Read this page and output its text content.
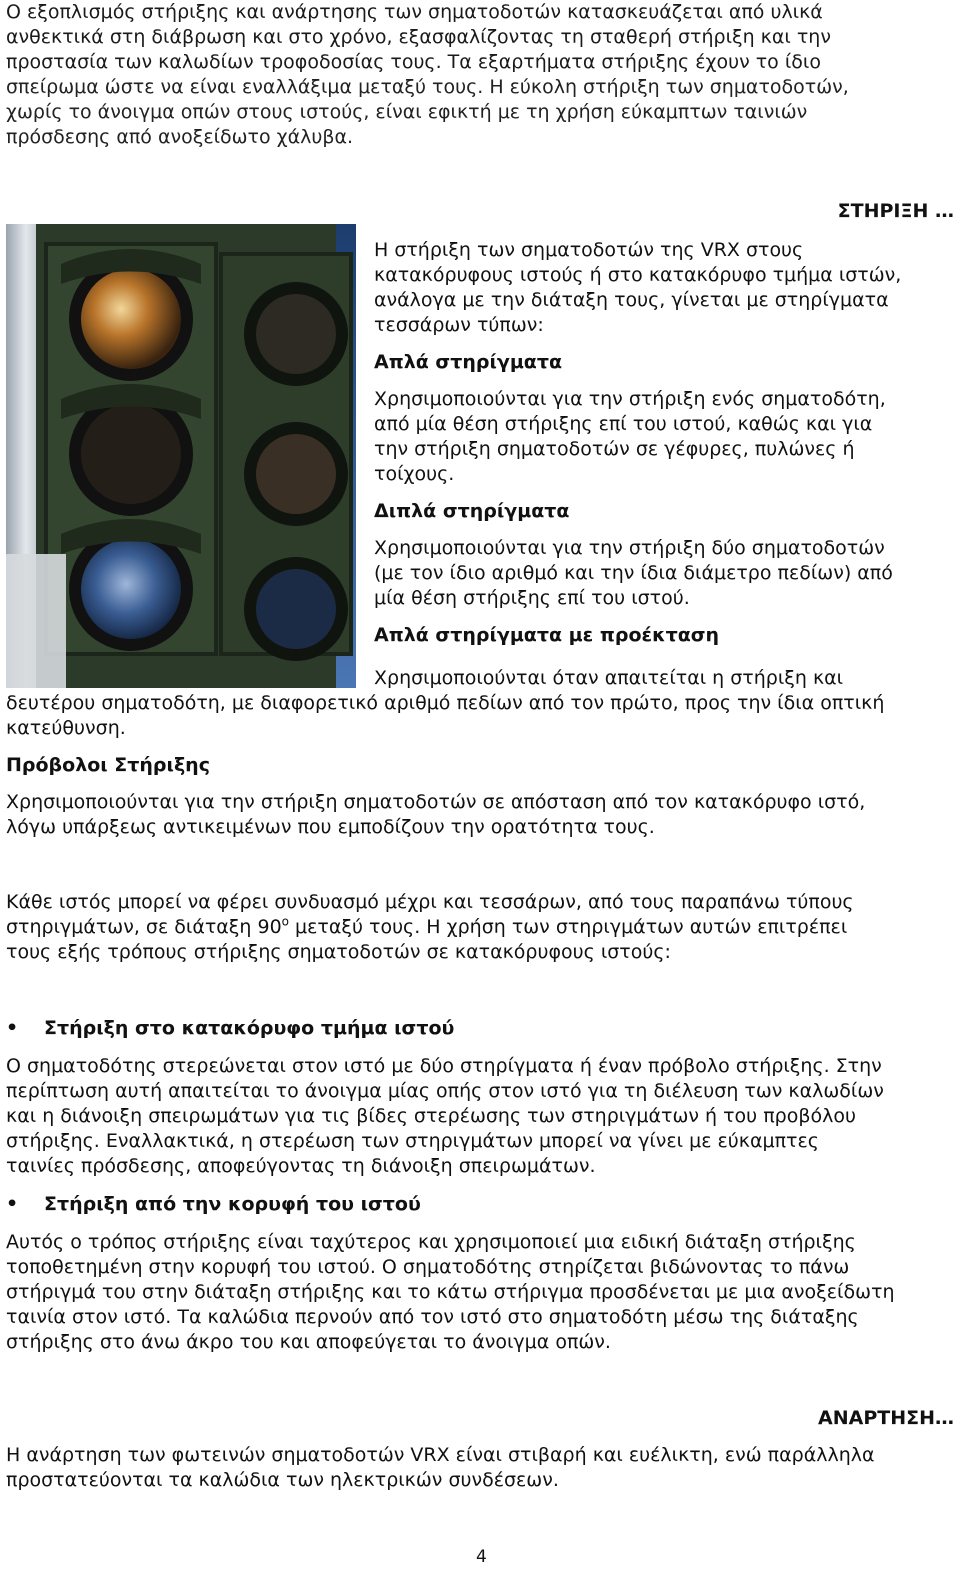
Ο εξοπλισμός στήριξης και ανάρτησης των σηματοδοτών κατασκευάζεται από υλικά

ανθεκτικά στη διάβρωση και στο χρόνο, εξασφαλίζοντας τη σταθερή στήριξη και την

προστασία των καλωδίων τροφοδοσίας τους. Τα εξαρτήματα στήριξης έχουν το ίδιο

σπείρωμα ώστε να είναι εναλλάξιμα μεταξύ τους. Η εύκολη στήριξη των σηματοδοτών,

χωρίς το άνοιγμα οπών στους ιστούς, είναι εφικτή με τη χρήση εύκαμπτων ταινιών

πρόσδεσης από ανοξείδωτο χάλυβα.

ΣΤΗΡΙΞΗ …

Η στήριξη των σηματοδοτών της VRX στους

κατακόρυφους ιστούς ή στο κατακόρυφο τμήμα ιστών,

ανάλογα με την διάταξη τους, γίνεται με στηρίγματα

τεσσάρων τύπων:

Απλά στηρίγματα

Χρησιμοποιούνται για την στήριξη ενός σηματοδότη,

από μία θέση στήριξης επί του ιστού, καθώς και για

την στήριξη σηματοδοτών σε γέφυρες, πυλώνες ή

τοίχους.

Διπλά στηρίγματα

Χρησιμοποιούνται για την στήριξη δύο σηματοδοτών

(με τον ίδιο αριθμό και την ίδια διάμετρο πεδίων) από

μία θέση στήριξης επί του ιστού.

Απλά στηρίγματα με προέκταση

Χρησιμοποιούνται όταν απαιτείται η στήριξη και

δευτέρου σηματοδότη, με διαφορετικό αριθμό πεδίων από τον πρώτο, προς την ίδια οπτική

κατεύθυνση.

Πρόβολοι Στήριξης

Χρησιμοποιούνται για την στήριξη σηματοδοτών σε απόσταση από τον κατακόρυφο ιστό,

λόγω υπάρξεως αντικειμένων που εμποδίζουν την ορατότητα τους.

Κάθε ιστός μπορεί να φέρει συνδυασμό μέχρι και τεσσάρων, από τους παραπάνω τύπους

στηριγμάτων, σε διάταξη 90$^o$ μεταξύ τους. Η χρήση των στηριγμάτων αυτών επιτρέπει

τους εξής τρόπους στήριξης σηματοδοτών σε κατακόρυφους ιστούς:

•	Στήριξη στο κατακόρυφο τμήμα ιστού

Ο σηματοδότης στερεώνεται στον ιστό με δύο στηρίγματα ή έναν πρόβολο στήριξης. Στην

περίπτωση αυτή απαιτείται το άνοιγμα μίας οπής στον ιστό για τη διέλευση των καλωδίων

και η διάνοιξη σπειρωμάτων για τις βίδες στερέωσης των στηριγμάτων ή του προβόλου

στήριξης. Εναλλακτικά, η στερέωση των στηριγμάτων μπορεί να γίνει με εύκαμπτες

ταινίες πρόσδεσης, αποφεύγοντας τη διάνοιξη σπειρωμάτων.

•	Στήριξη από την κορυφή του ιστού

Αυτός ο τρόπος στήριξης είναι ταχύτερος και χρησιμοποιεί μια ειδική διάταξη στήριξης

τοποθετημένη στην κορυφή του ιστού. Ο σηματοδότης στηρίζεται βιδώνοντας το πάνω

στήριγμά του στην διάταξη στήριξης και το κάτω στήριγμα προσδένεται με μια ανοξείδωτη

ταινία στον ιστό. Τα καλώδια περνούν από τον ιστό στο σηματοδότη μέσω της διάταξης

στήριξης στο άνω άκρο του και αποφεύγεται το άνοιγμα οπών.

ΑΝΑΡΤΗΣΗ…

Η ανάρτηση των φωτεινών σηματοδοτών VRX είναι στιβαρή και ευέλικτη, ενώ παράλληλα

προστατεύονται τα καλώδια των ηλεκτρικών συνδέσεων.

4
